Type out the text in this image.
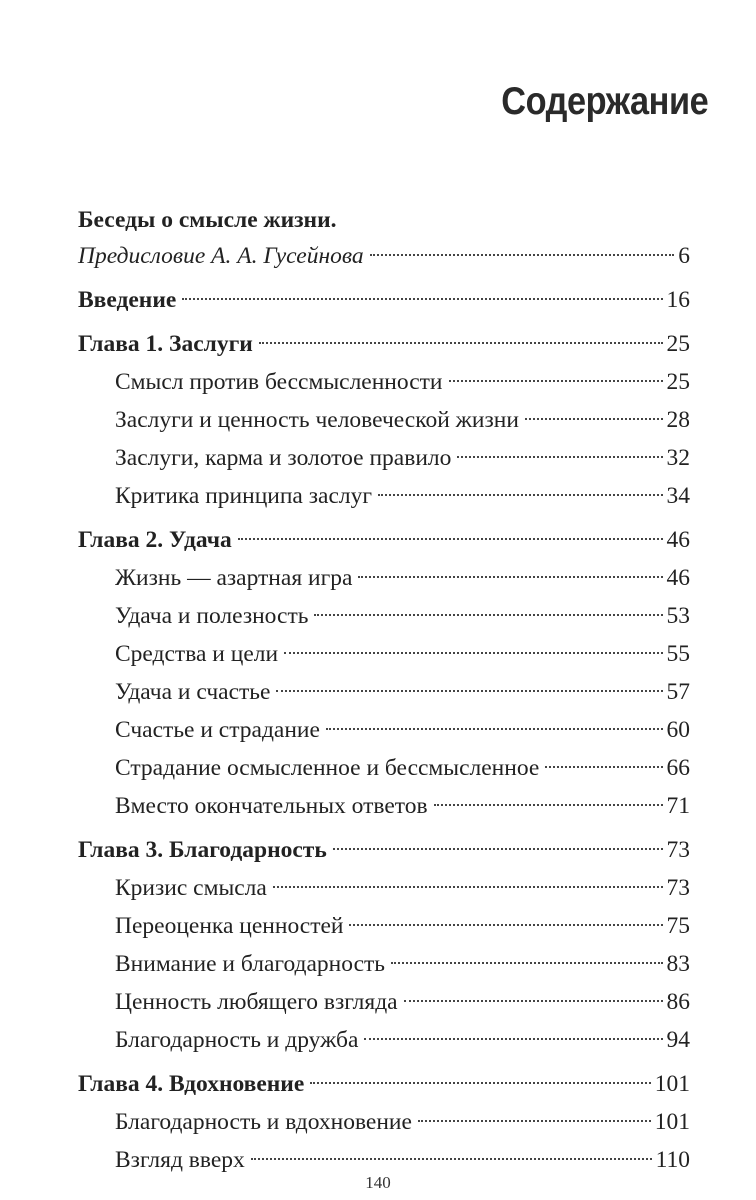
Содержание
Беседы о смысле жизни.
Предисловие А. А. Гусейнова	6
Введение	16
Глава 1. Заслуги	25
Смысл против бессмысленности	25
Заслуги и ценность человеческой жизни	28
Заслуги, карма и золотое правило	32
Критика принципа заслуг	34
Глава 2. Удача	46
Жизнь — азартная игра	46
Удача и полезность	53
Средства и цели	55
Удача и счастье	57
Счастье и страдание	60
Страдание осмысленное и бессмысленное	66
Вместо окончательных ответов	71
Глава 3. Благодарность	73
Кризис смысла	73
Переоценка ценностей	75
Внимание и благодарность	83
Ценность любящего взгляда	86
Благодарность и дружба	94
Глава 4. Вдохновение	101
Благодарность и вдохновение	101
Взгляд вверх	110
140
